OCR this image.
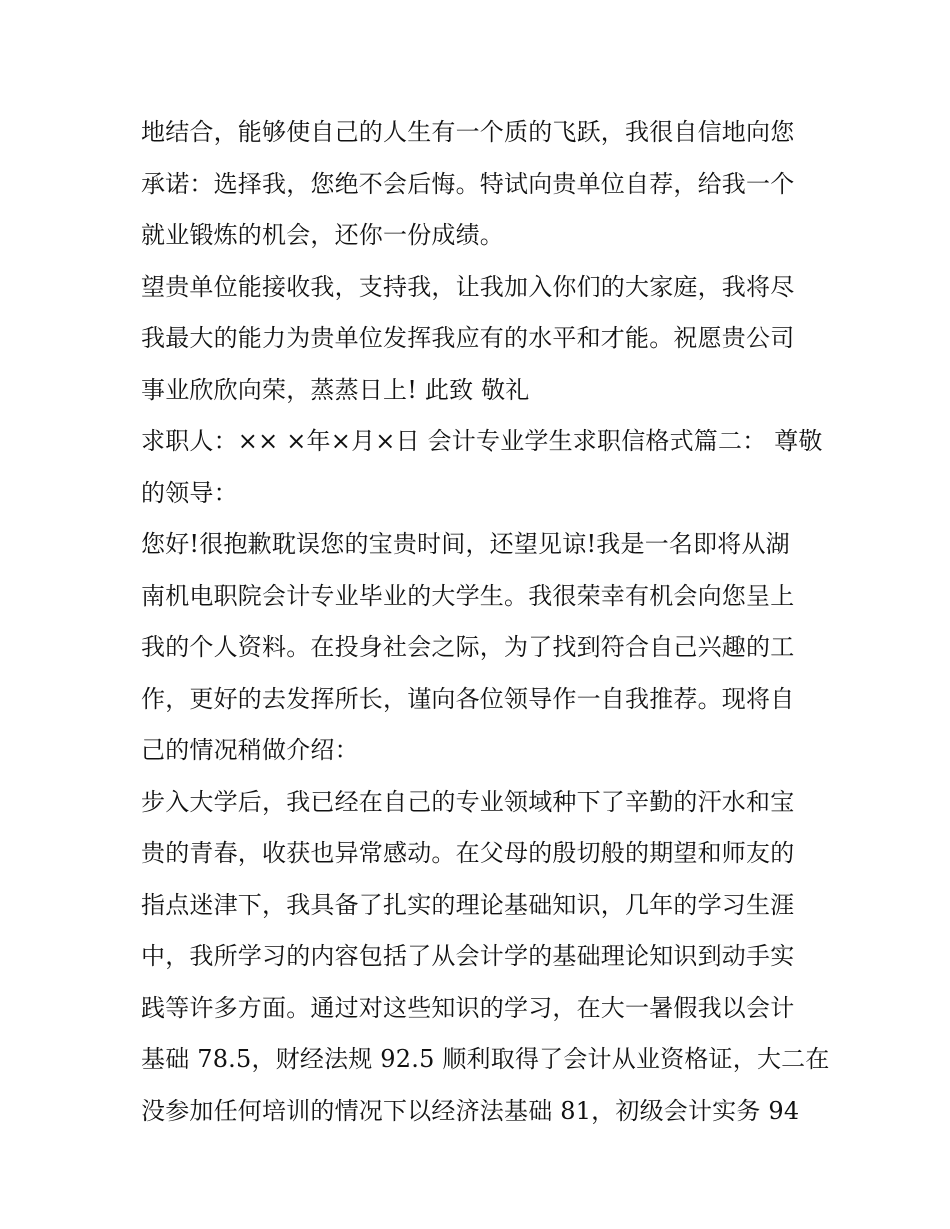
地结合，能够使自己的人生有一个质的飞跃，我很自信地向您
承诺：选择我，您绝不会后悔。特试向贵单位自荐，给我一个
就业锻炼的机会，还你一份成绩。
望贵单位能接收我，支持我，让我加入你们的大家庭，我将尽
我最大的能力为贵单位发挥我应有的水平和才能。祝愿贵公司
事业欣欣向荣，蒸蒸日上! 此致 敬礼
求职人：×× ×年×月×日 会计专业学生求职信格式篇二： 尊敬
的领导：
您好!很抱歉耽误您的宝贵时间，还望见谅!我是一名即将从湖
南机电职院会计专业毕业的大学生。我很荣幸有机会向您呈上
我的个人资料。在投身社会之际，为了找到符合自己兴趣的工
作，更好的去发挥所长，谨向各位领导作一自我推荐。现将自
己的情况稍做介绍：
步入大学后，我已经在自己的专业领域种下了辛勤的汗水和宝
贵的青春，收获也异常感动。在父母的殷切般的期望和师友的
指点迷津下，我具备了扎实的理论基础知识，几年的学习生涯
中，我所学习的内容包括了从会计学的基础理论知识到动手实
践等许多方面。通过对这些知识的学习，在大一暑假我以会计
基础 78.5，财经法规 92.5 顺利取得了会计从业资格证，大二在
没参加任何培训的情况下以经济法基础 81，初级会计实务 94
